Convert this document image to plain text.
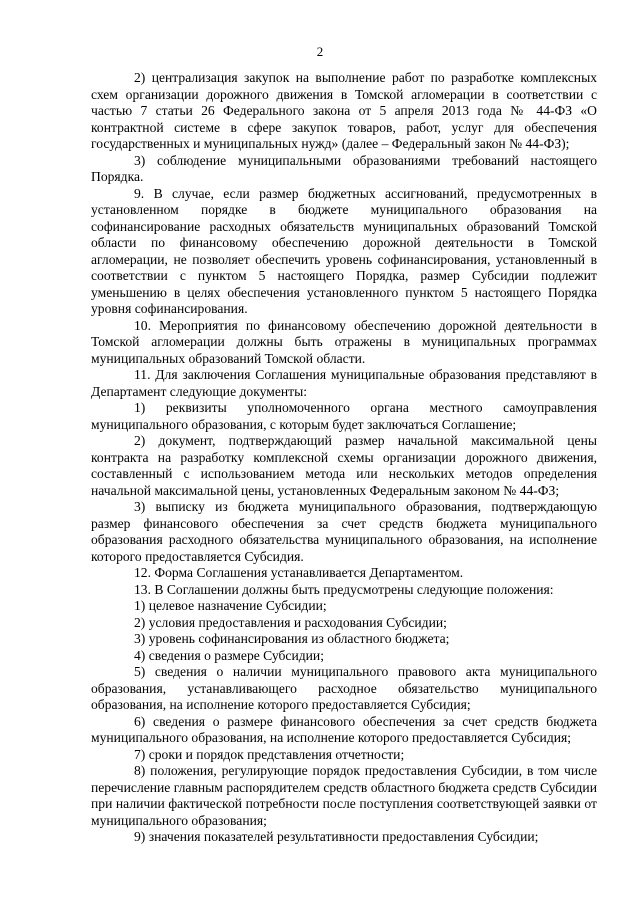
2

2) централизация закупок на выполнение работ по разработке комплексных схем организации дорожного движения в Томской агломерации в соответствии с частью 7 статьи 26 Федерального закона от 5 апреля 2013 года № 44-ФЗ «О контрактной системе в сфере закупок товаров, работ, услуг для обеспечения государственных и муниципальных нужд» (далее – Федеральный закон № 44-ФЗ);

3) соблюдение муниципальными образованиями требований настоящего Порядка.

9. В случае, если размер бюджетных ассигнований, предусмотренных в установленном порядке в бюджете муниципального образования на софинансирование расходных обязательств муниципальных образований Томской области по финансовому обеспечению дорожной деятельности в Томской агломерации, не позволяет обеспечить уровень софинансирования, установленный в соответствии с пунктом 5 настоящего Порядка, размер Субсидии подлежит уменьшению в целях обеспечения установленного пунктом 5 настоящего Порядка уровня софинансирования.

10. Мероприятия по финансовому обеспечению дорожной деятельности в Томской агломерации должны быть отражены в муниципальных программах муниципальных образований Томской области.

11. Для заключения Соглашения муниципальные образования представляют в Департамент следующие документы:

1) реквизиты уполномоченного органа местного самоуправления муниципального образования, с которым будет заключаться Соглашение;

2) документ, подтверждающий размер начальной максимальной цены контракта на разработку комплексной схемы организации дорожного движения, составленный с использованием метода или нескольких методов определения начальной максимальной цены, установленных Федеральным законом № 44-ФЗ;

3) выписку из бюджета муниципального образования, подтверждающую размер финансового обеспечения за счет средств бюджета муниципального образования расходного обязательства муниципального образования, на исполнение которого предоставляется Субсидия.

12. Форма Соглашения устанавливается Департаментом.

13. В Соглашении должны быть предусмотрены следующие положения:

1) целевое назначение Субсидии;

2) условия предоставления и расходования Субсидии;

3) уровень софинансирования из областного бюджета;

4) сведения о размере Субсидии;

5) сведения о наличии муниципального правового акта муниципального образования, устанавливающего расходное обязательство муниципального образования, на исполнение которого предоставляется Субсидия;

6) сведения о размере финансового обеспечения за счет средств бюджета муниципального образования, на исполнение которого предоставляется Субсидия;

7) сроки и порядок представления отчетности;

8) положения, регулирующие порядок предоставления Субсидии, в том числе перечисление главным распорядителем средств областного бюджета средств Субсидии при наличии фактической потребности после поступления соответствующей заявки от муниципального образования;

9) значения показателей результативности предоставления Субсидии;
